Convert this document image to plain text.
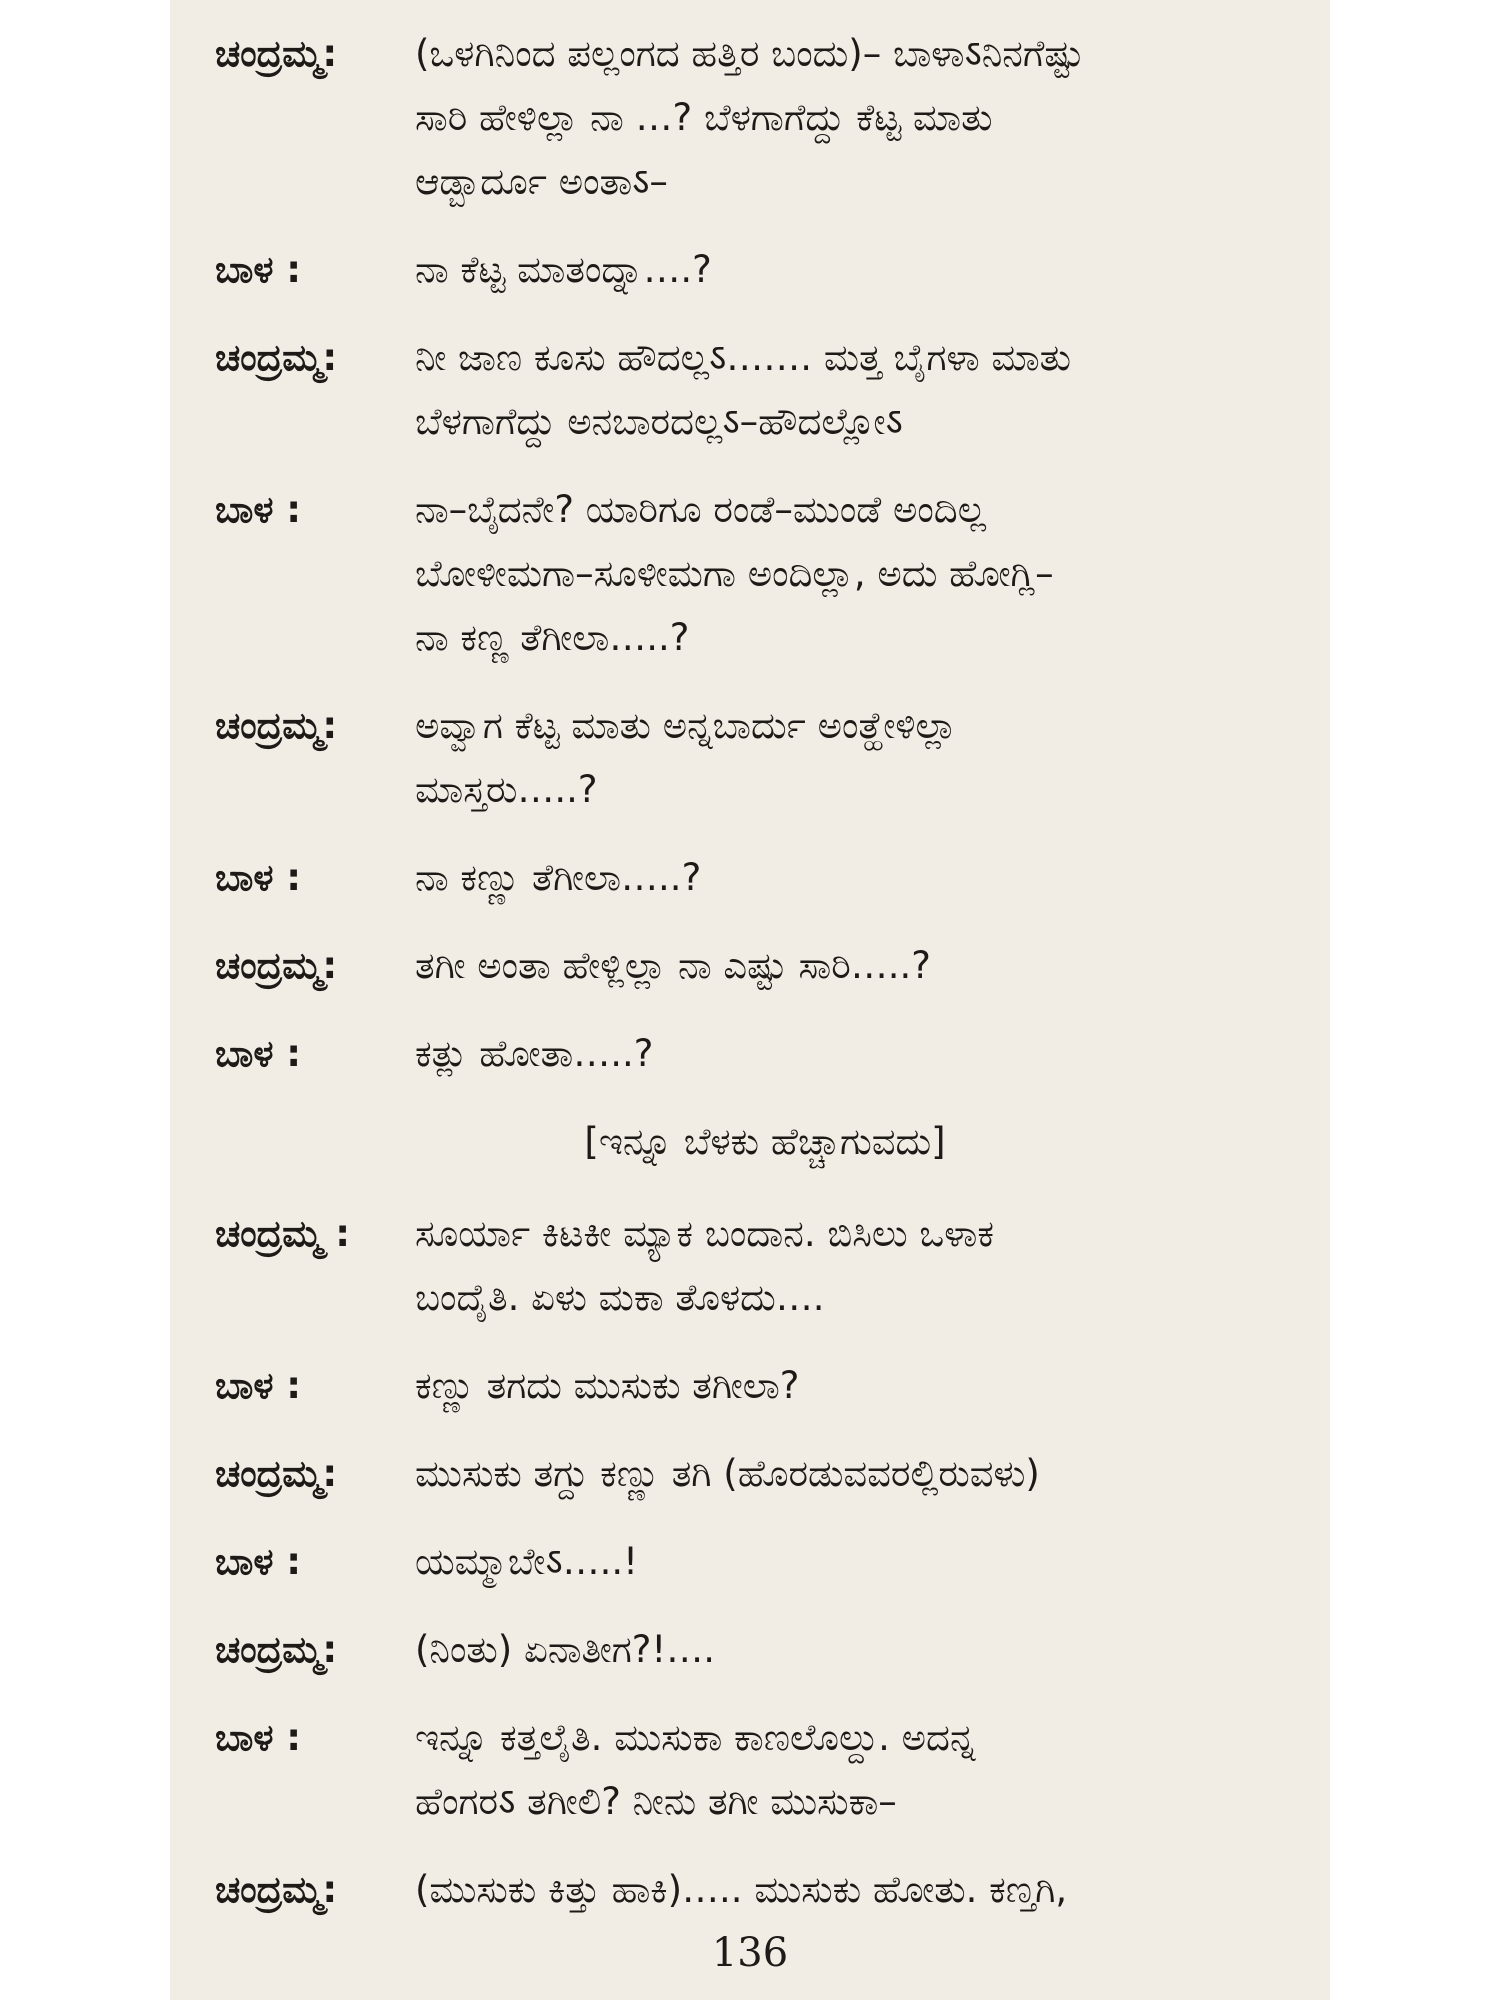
ಚಂದ್ರಮ್ಮ:	(ಒಳಗಿನಿಂದ ಪಲ್ಲಂಗದ ಹತ್ತಿರ ಬಂದು)– ಬಾಳಾऽನಿನಗೆಷ್ಟು
ಸಾರಿ ಹೇಳಿಲ್ಲಾ ನಾ …? ಬೆಳಗಾಗೆದ್ದು ಕೆಟ್ಟ ಮಾತು
ಆಡ್ಬಾರ್ದೂ ಅಂತಾऽ–
ಬಾಳ :	ನಾ ಕೆಟ್ಟ ಮಾತಂದ್ನಾ….?
ಚಂದ್ರಮ್ಮ:	ನೀ ಜಾಣ ಕೂಸು ಹೌದಲ್ಲऽ……. ಮತ್ತ ಬೈಗಳಾ ಮಾತು
ಬೆಳಗಾಗೆದ್ದು ಅನಬಾರದಲ್ಲऽ–ಹೌದಲ್ಲೋऽ
ಬಾಳ :	ನಾ–ಬೈದನೇ? ಯಾರಿಗೂ ರಂಡೆ–ಮುಂಡೆ ಅಂದಿಲ್ಲ
ಬೋಳೀಮಗಾ–ಸೂಳೀಮಗಾ ಅಂದಿಲ್ಲಾ, ಅದು ಹೋಗ್ಲಿ–
ನಾ ಕಣ್ಣ ತೆಗೀಲಾ…..?
ಚಂದ್ರಮ್ಮ:	ಅವ್ವಾಗ ಕೆಟ್ಟ ಮಾತು ಅನ್ನಬಾರ್ದು ಅಂತ್ಹೇಳಿಲ್ಲಾ
ಮಾಸ್ತರು…..?
ಬಾಳ :	ನಾ ಕಣ್ಣು ತೆಗೀಲಾ…..?
ಚಂದ್ರಮ್ಮ:	ತಗೀ ಅಂತಾ ಹೇಳ್ಲಿಲ್ಲಾ ನಾ ಎಷ್ಟು ಸಾರಿ…..?
ಬಾಳ :	ಕತ್ಲು ಹೋತಾ…..?
[ಇನ್ನೂ ಬೆಳಕು ಹೆಚ್ಚಾಗುವದು]
ಚಂದ್ರಮ್ಮ :	ಸೂರ್ಯಾ ಕಿಟಕೀ ಮ್ಯಾಕ ಬಂದಾನ. ಬಿಸಿಲು ಒಳಾಕ
ಬಂದೈತಿ. ಏಳು ಮಕಾ ತೊಳದು….
ಬಾಳ :	ಕಣ್ಣು ತಗದು ಮುಸುಕು ತಗೀಲಾ?
ಚಂದ್ರಮ್ಮ:	ಮುಸುಕು ತಗ್ದು ಕಣ್ಣು ತಗಿ (ಹೊರಡುವವರಲ್ಲಿರುವಳು)
ಬಾಳ :	ಯಮ್ಮಾಬೇऽ…..!
ಚಂದ್ರಮ್ಮ:	(ನಿಂತು) ಏನಾತೀಗ?!….
ಬಾಳ :	ಇನ್ನೂ ಕತ್ತಲೈತಿ. ಮುಸುಕಾ ಕಾಣಲೊಲ್ದು. ಅದನ್ನ
ಹೆಂಗರऽ ತಗೀಲಿ? ನೀನು ತಗೀ ಮುಸುಕಾ–
ಚಂದ್ರಮ್ಮ:	(ಮುಸುಕು ಕಿತ್ತು ಹಾಕಿ)….. ಮುಸುಕು ಹೋತು. ಕಣ್ತಗಿ,
136
